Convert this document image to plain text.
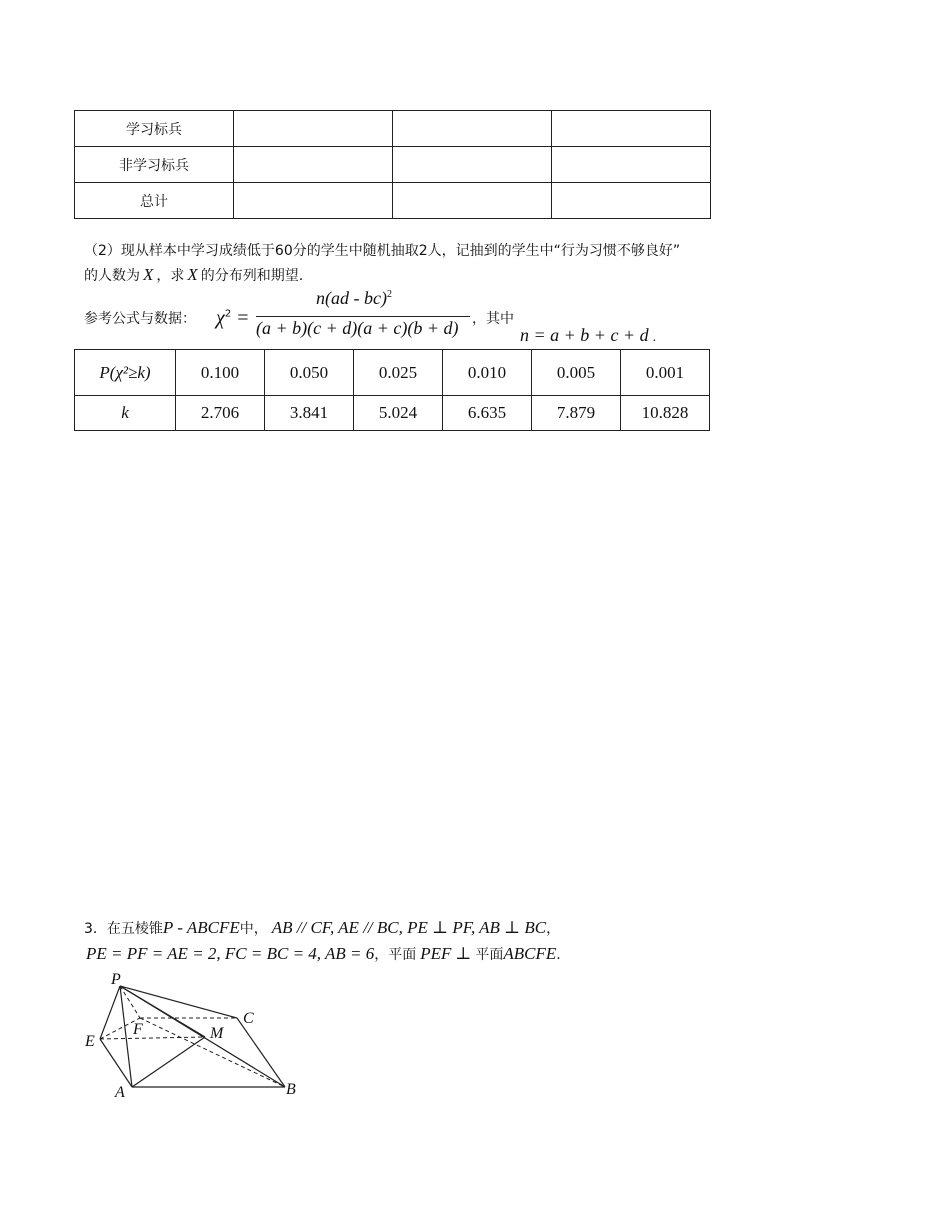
学习标兵			
非学习标兵			
总计			
（2）现从样本中学习成绩低于60分的学生中随机抽取2人，记抽到的学生中“行为习惯不够良好”
的人数为 X ，求 X 的分布列和期望.
参考公式与数据： $\chi^2$ =
n(ad - bc)$^2$
(a + b)(c + d)(a + c)(b + d) ，其中
n = a + b + c + d .
P(χ²≥k)	0.100	0.050	0.025	0.010	0.005	0.001
k	2.706	3.841	5.024	6.635	7.879	10.828
3．在五棱锥P - ABCFE中， AB // CF, AE // BC, PE ⊥ PF, AB ⊥ BC，
PE = PF = AE = 2, FC = BC = 4, AB = 6，平面 PEF ⊥ 平面ABCFE.
P
E
F	M
C
A	B
